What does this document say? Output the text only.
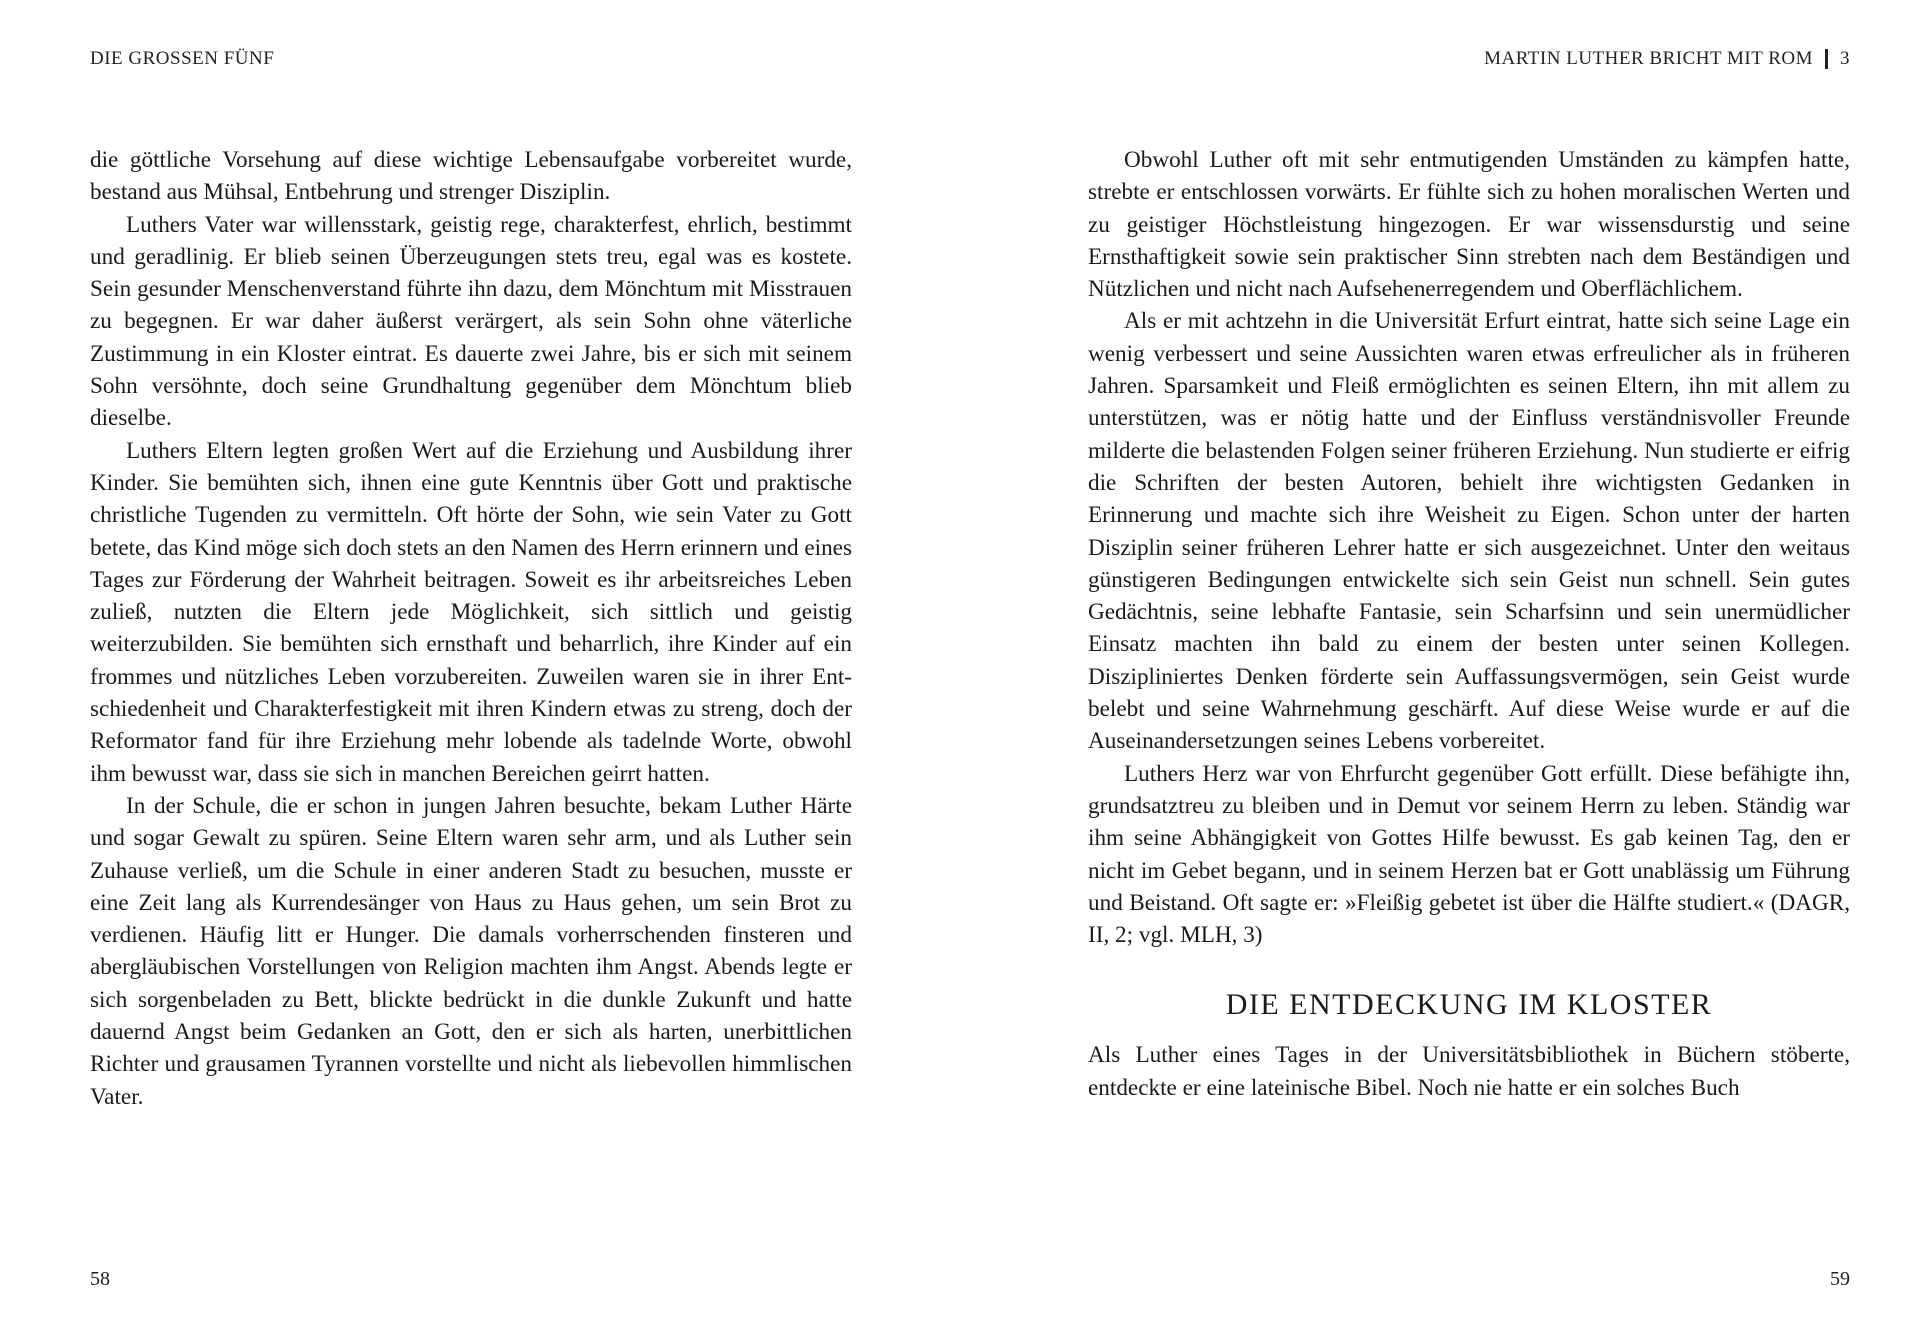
DIE GROSSEN FÜNF

die göttliche Vorsehung auf diese wichtige Lebensaufgabe vorbereitet wurde, bestand aus Mühsal, Entbehrung und strenger Disziplin.

Luthers Vater war willensstark, geistig rege, charakterfest, ehrlich, bestimmt und geradlinig. Er blieb seinen Überzeugungen stets treu, egal was es kostete. Sein gesunder Menschenverstand führte ihn dazu, dem Mönchtum mit Misstrauen zu begegnen. Er war daher äußerst verärgert, als sein Sohn ohne väterliche Zustimmung in ein Kloster eintrat. Es dauerte zwei Jahre, bis er sich mit seinem Sohn versöhnte, doch seine Grundhaltung gegenüber dem Mönchtum blieb dieselbe.

Luthers Eltern legten großen Wert auf die Erziehung und Ausbildung ihrer Kinder. Sie bemühten sich, ihnen eine gute Kenntnis über Gott und praktische christliche Tugenden zu vermitteln. Oft hörte der Sohn, wie sein Vater zu Gott betete, das Kind möge sich doch stets an den Namen des Herrn erinnern und eines Tages zur Förderung der Wahrheit beitragen. Soweit es ihr arbeitsreiches Leben zuließ, nutzten die Eltern jede Möglichkeit, sich sittlich und geistig weiterzubilden. Sie bemühten sich ernsthaft und beharrlich, ihre Kinder auf ein frommes und nützliches Leben vorzubereiten. Zuweilen waren sie in ihrer Entschiedenheit und Charakterfestigkeit mit ihren Kindern etwas zu streng, doch der Reformator fand für ihre Erziehung mehr lobende als tadelnde Worte, obwohl ihm bewusst war, dass sie sich in manchen Bereichen geirrt hatten.

In der Schule, die er schon in jungen Jahren besuchte, bekam Luther Härte und sogar Gewalt zu spüren. Seine Eltern waren sehr arm, und als Luther sein Zuhause verließ, um die Schule in einer anderen Stadt zu besuchen, musste er eine Zeit lang als Kurrendesänger von Haus zu Haus gehen, um sein Brot zu verdienen. Häufig litt er Hunger. Die damals vorherrschenden finsteren und abergläubischen Vorstellungen von Religion machten ihm Angst. Abends legte er sich sorgenbeladen zu Bett, blickte bedrückt in die dunkle Zukunft und hatte dauernd Angst beim Gedanken an Gott, den er sich als harten, unerbittlichen Richter und grausamen Tyrannen vorstellte und nicht als liebevollen himmlischen Vater.

58
MARTIN LUTHER BRICHT MIT ROM 3

Obwohl Luther oft mit sehr entmutigenden Umständen zu kämpfen hatte, strebte er entschlossen vorwärts. Er fühlte sich zu hohen moralischen Werten und zu geistiger Höchstleistung hingezogen. Er war wissensdurstig und seine Ernsthaftigkeit sowie sein praktischer Sinn strebten nach dem Beständigen und Nützlichen und nicht nach Aufsehenerregendem und Oberflächlichem.

Als er mit achtzehn in die Universität Erfurt eintrat, hatte sich seine Lage ein wenig verbessert und seine Aussichten waren etwas erfreulicher als in früheren Jahren. Sparsamkeit und Fleiß ermöglichten es seinen Eltern, ihn mit allem zu unterstützen, was er nötig hatte und der Einfluss verständnisvoller Freunde milderte die belastenden Folgen seiner früheren Erziehung. Nun studierte er eifrig die Schriften der besten Autoren, behielt ihre wichtigsten Gedanken in Erinnerung und machte sich ihre Weisheit zu Eigen. Schon unter der harten Disziplin seiner früheren Lehrer hatte er sich ausgezeichnet. Unter den weitaus günstigeren Bedingungen entwickelte sich sein Geist nun schnell. Sein gutes Gedächtnis, seine lebhafte Fantasie, sein Scharfsinn und sein unermüdlicher Einsatz machten ihn bald zu einem der besten unter seinen Kollegen. Diszipliniertes Denken förderte sein Auffassungsvermögen, sein Geist wurde belebt und seine Wahrnehmung geschärft. Auf diese Weise wurde er auf die Auseinandersetzungen seines Lebens vorbereitet.

Luthers Herz war von Ehrfurcht gegenüber Gott erfüllt. Diese befähigte ihn, grundsatztreu zu bleiben und in Demut vor seinem Herrn zu leben. Ständig war ihm seine Abhängigkeit von Gottes Hilfe bewusst. Es gab keinen Tag, den er nicht im Gebet begann, und in seinem Herzen bat er Gott unablässig um Führung und Beistand. Oft sagte er: »Fleißig gebetet ist über die Hälfte studiert.« (DAGR, II, 2; vgl. MLH, 3)

DIE ENTDECKUNG IM KLOSTER

Als Luther eines Tages in der Universitätsbibliothek in Büchern stöberte, entdeckte er eine lateinische Bibel. Noch nie hatte er ein solches Buch

59
